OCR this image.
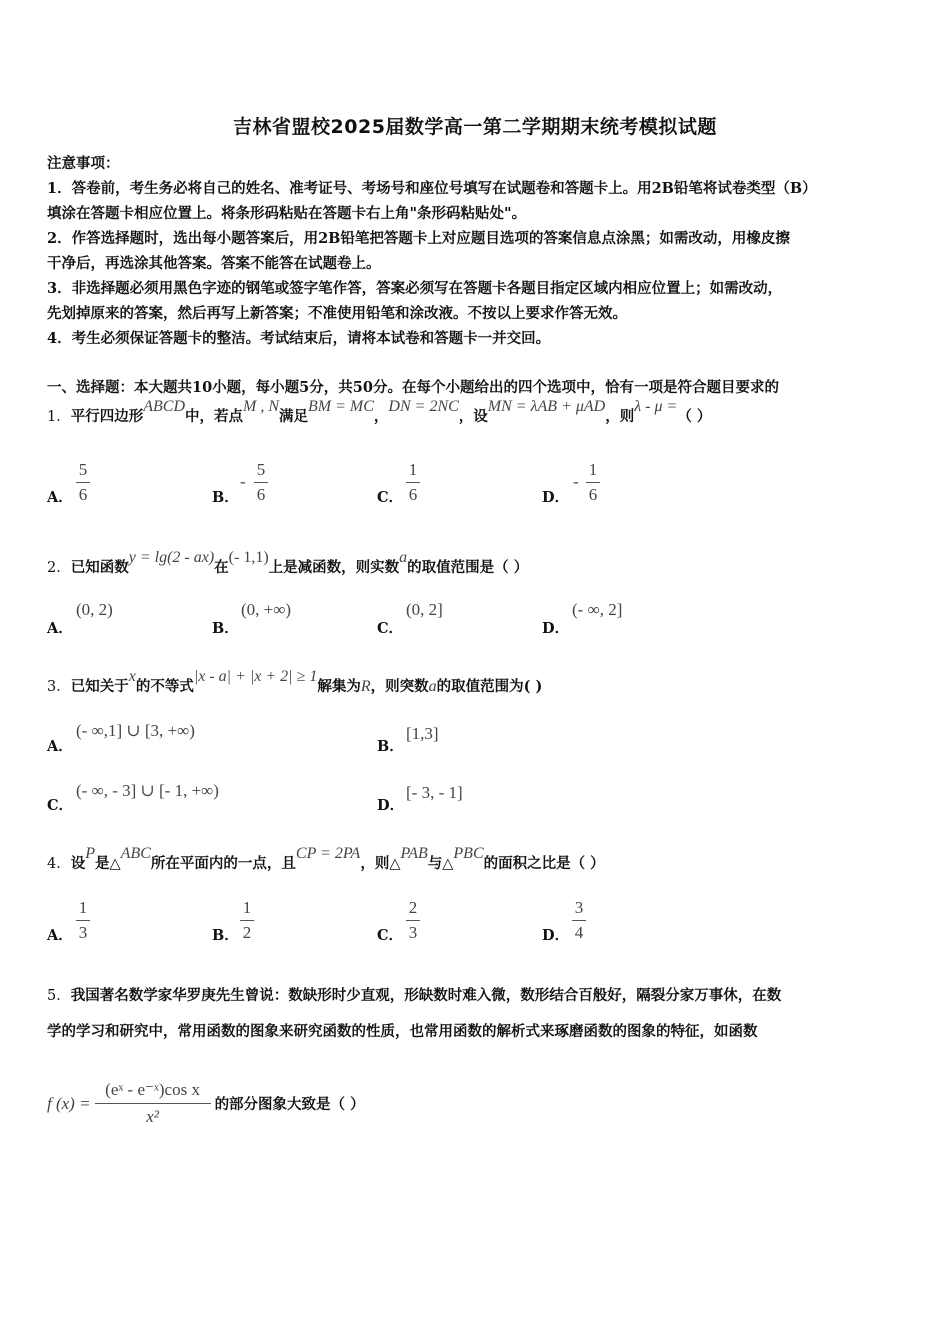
吉林省盟校2025届数学高一第二学期期末统考模拟试题
注意事项：
1．答卷前，考生务必将自己的姓名、准考证号、考场号和座位号填写在试题卷和答题卡上。用2B铅笔将试卷类型（B）
填涂在答题卡相应位置上。将条形码粘贴在答题卡右上角"条形码粘贴处"。
2．作答选择题时，选出每小题答案后，用2B铅笔把答题卡上对应题目选项的答案信息点涂黑；如需改动，用橡皮擦
干净后，再选涂其他答案。答案不能答在试题卷上。
3．非选择题必须用黑色字迹的钢笔或签字笔作答，答案必须写在答题卡各题目指定区域内相应位置上；如需改动，
先划掉原来的答案，然后再写上新答案；不准使用铅笔和涂改液。不按以上要求作答无效。
4．考生必须保证答题卡的整洁。考试结束后，请将本试卷和答题卡一并交回。
一、选择题：本大题共10小题，每小题5分，共50分。在每个小题给出的四个选项中，恰有一项是符合题目要求的
1．平行四边形ABCD中，若点M , N满足BM = MC，DN = 2NC，设MN = λAB + μAD，则λ - μ =（ ）
A．
5
6	B．
-
5
6	C．
1
6	D．
-
1
6
2．已知函数y = lg(2 - ax)在(- 1,1)上是减函数，则实数a的取值范围是（ ）
A．
(0, 2)
B．
(0, +∞)
C．
(0, 2]
D．
(- ∞, 2]
3．已知关于x的不等式|x - a| + |x + 2| ≥ 1解集为R，则突数a的取值范围为( )
A．
(- ∞,1] ∪ [3, +∞)
B．
[1,3]
C．
(- ∞, - 3] ∪ [- 1, +∞)
D．
[- 3, - 1]
4．设P是△ABC所在平面内的一点，且CP = 2PA，则△PAB与△PBC的面积之比是（ ）
A．
1
3	B．
1
2	C．
2
3	D．
3
4
5．我国著名数学家华罗庚先生曾说：数缺形时少直观，形缺数时难入微，数形结合百般好，隔裂分家万事休，在数
学的学习和研究中，常用函数的图象来研究函数的性质，也常用函数的解析式来琢磨函数的图象的特征，如函数
f (x) =
(eˣ - e⁻ˣ)cos x
x²
的部分图象大致是（ ）
